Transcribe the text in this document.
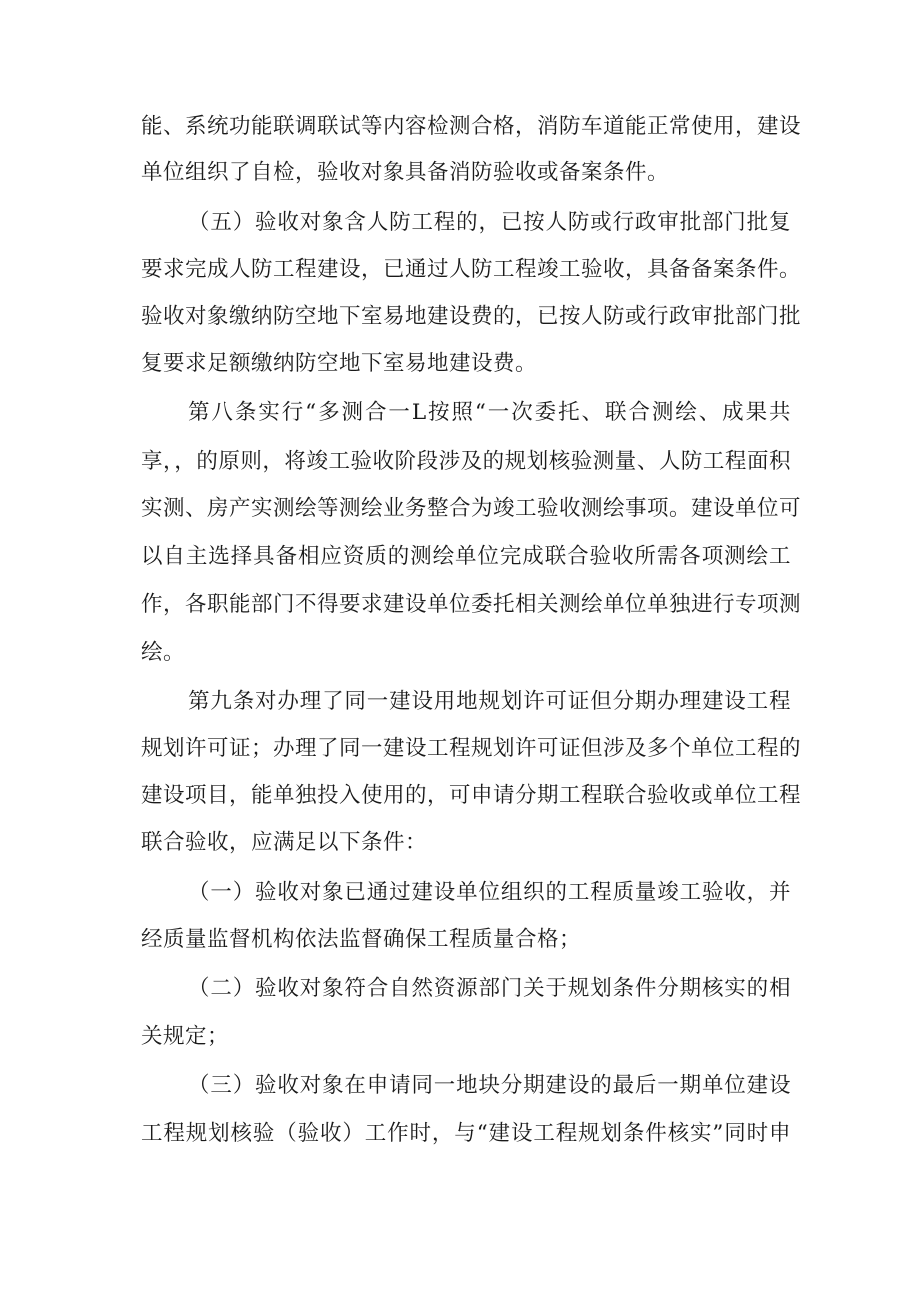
能、系统功能联调联试等内容检测合格，消防车道能正常使用，建设
单位组织了自检，验收对象具备消防验收或备案条件。
（五）验收对象含人防工程的，已按人防或行政审批部门批复
要求完成人防工程建设，已通过人防工程竣工验收，具备备案条件。
验收对象缴纳防空地下室易地建设费的，已按人防或行政审批部门批
复要求足额缴纳防空地下室易地建设费。
第八条实行“多测合一L按照“一次委托、联合测绘、成果共
享，，的原则，将竣工验收阶段涉及的规划核验测量、人防工程面积
实测、房产实测绘等测绘业务整合为竣工验收测绘事项。建设单位可
以自主选择具备相应资质的测绘单位完成联合验收所需各项测绘工
作，各职能部门不得要求建设单位委托相关测绘单位单独进行专项测
绘。
第九条对办理了同一建设用地规划许可证但分期办理建设工程
规划许可证；办理了同一建设工程规划许可证但涉及多个单位工程的
建设项目，能单独投入使用的，可申请分期工程联合验收或单位工程
联合验收，应满足以下条件：
（一）验收对象已通过建设单位组织的工程质量竣工验收，并
经质量监督机构依法监督确保工程质量合格；
（二）验收对象符合自然资源部门关于规划条件分期核实的相
关规定；
（三）验收对象在申请同一地块分期建设的最后一期单位建设
工程规划核验（验收）工作时，与“建设工程规划条件核实”同时申
